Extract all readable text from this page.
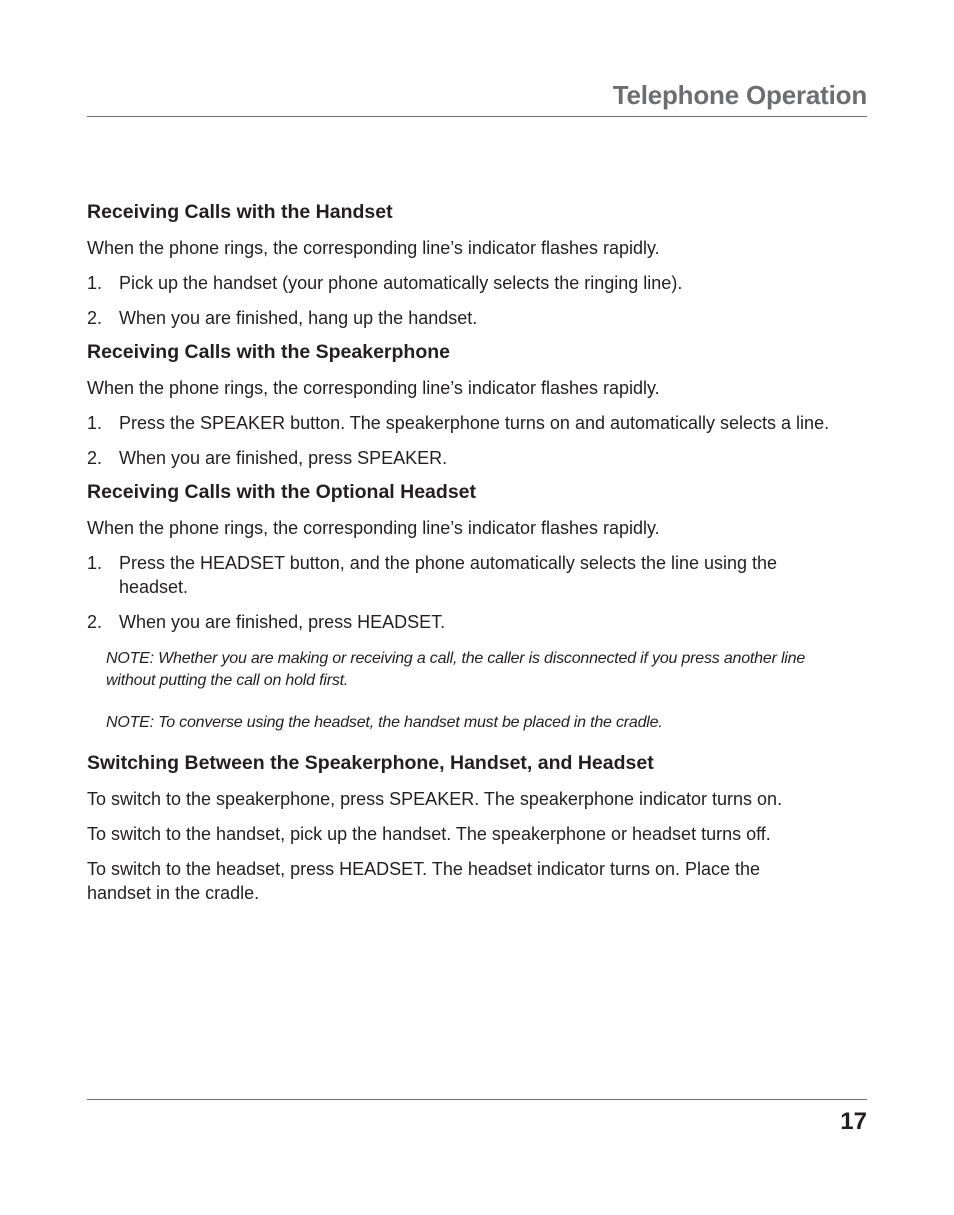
Telephone Operation
Receiving Calls with the Handset

When the phone rings, the corresponding line’s indicator flashes rapidly.

1. Pick up the handset (your phone automatically selects the ringing line).
2. When you are finished, hang up the handset.
Receiving Calls with the Speakerphone

When the phone rings, the corresponding line’s indicator flashes rapidly.

1. Press the SPEAKER button. The speakerphone turns on and automatically selects a line.
2. When you are finished, press SPEAKER.
Receiving Calls with the Optional Headset

When the phone rings, the corresponding line’s indicator flashes rapidly.

1. Press the HEADSET button, and the phone automatically selects the line using the headset.
2. When you are finished, press HEADSET.

NOTE: Whether you are making or receiving a call, the caller is disconnected if you press another line without putting the call on hold first.

NOTE: To converse using the headset, the handset must be placed in the cradle.

Switching Between the Speakerphone, Handset, and Headset

To switch to the speakerphone, press SPEAKER. The speakerphone indicator turns on.

To switch to the handset, pick up the handset. The speakerphone or headset turns off.

To switch to the headset, press HEADSET. The headset indicator turns on. Place the handset in the cradle.

17
